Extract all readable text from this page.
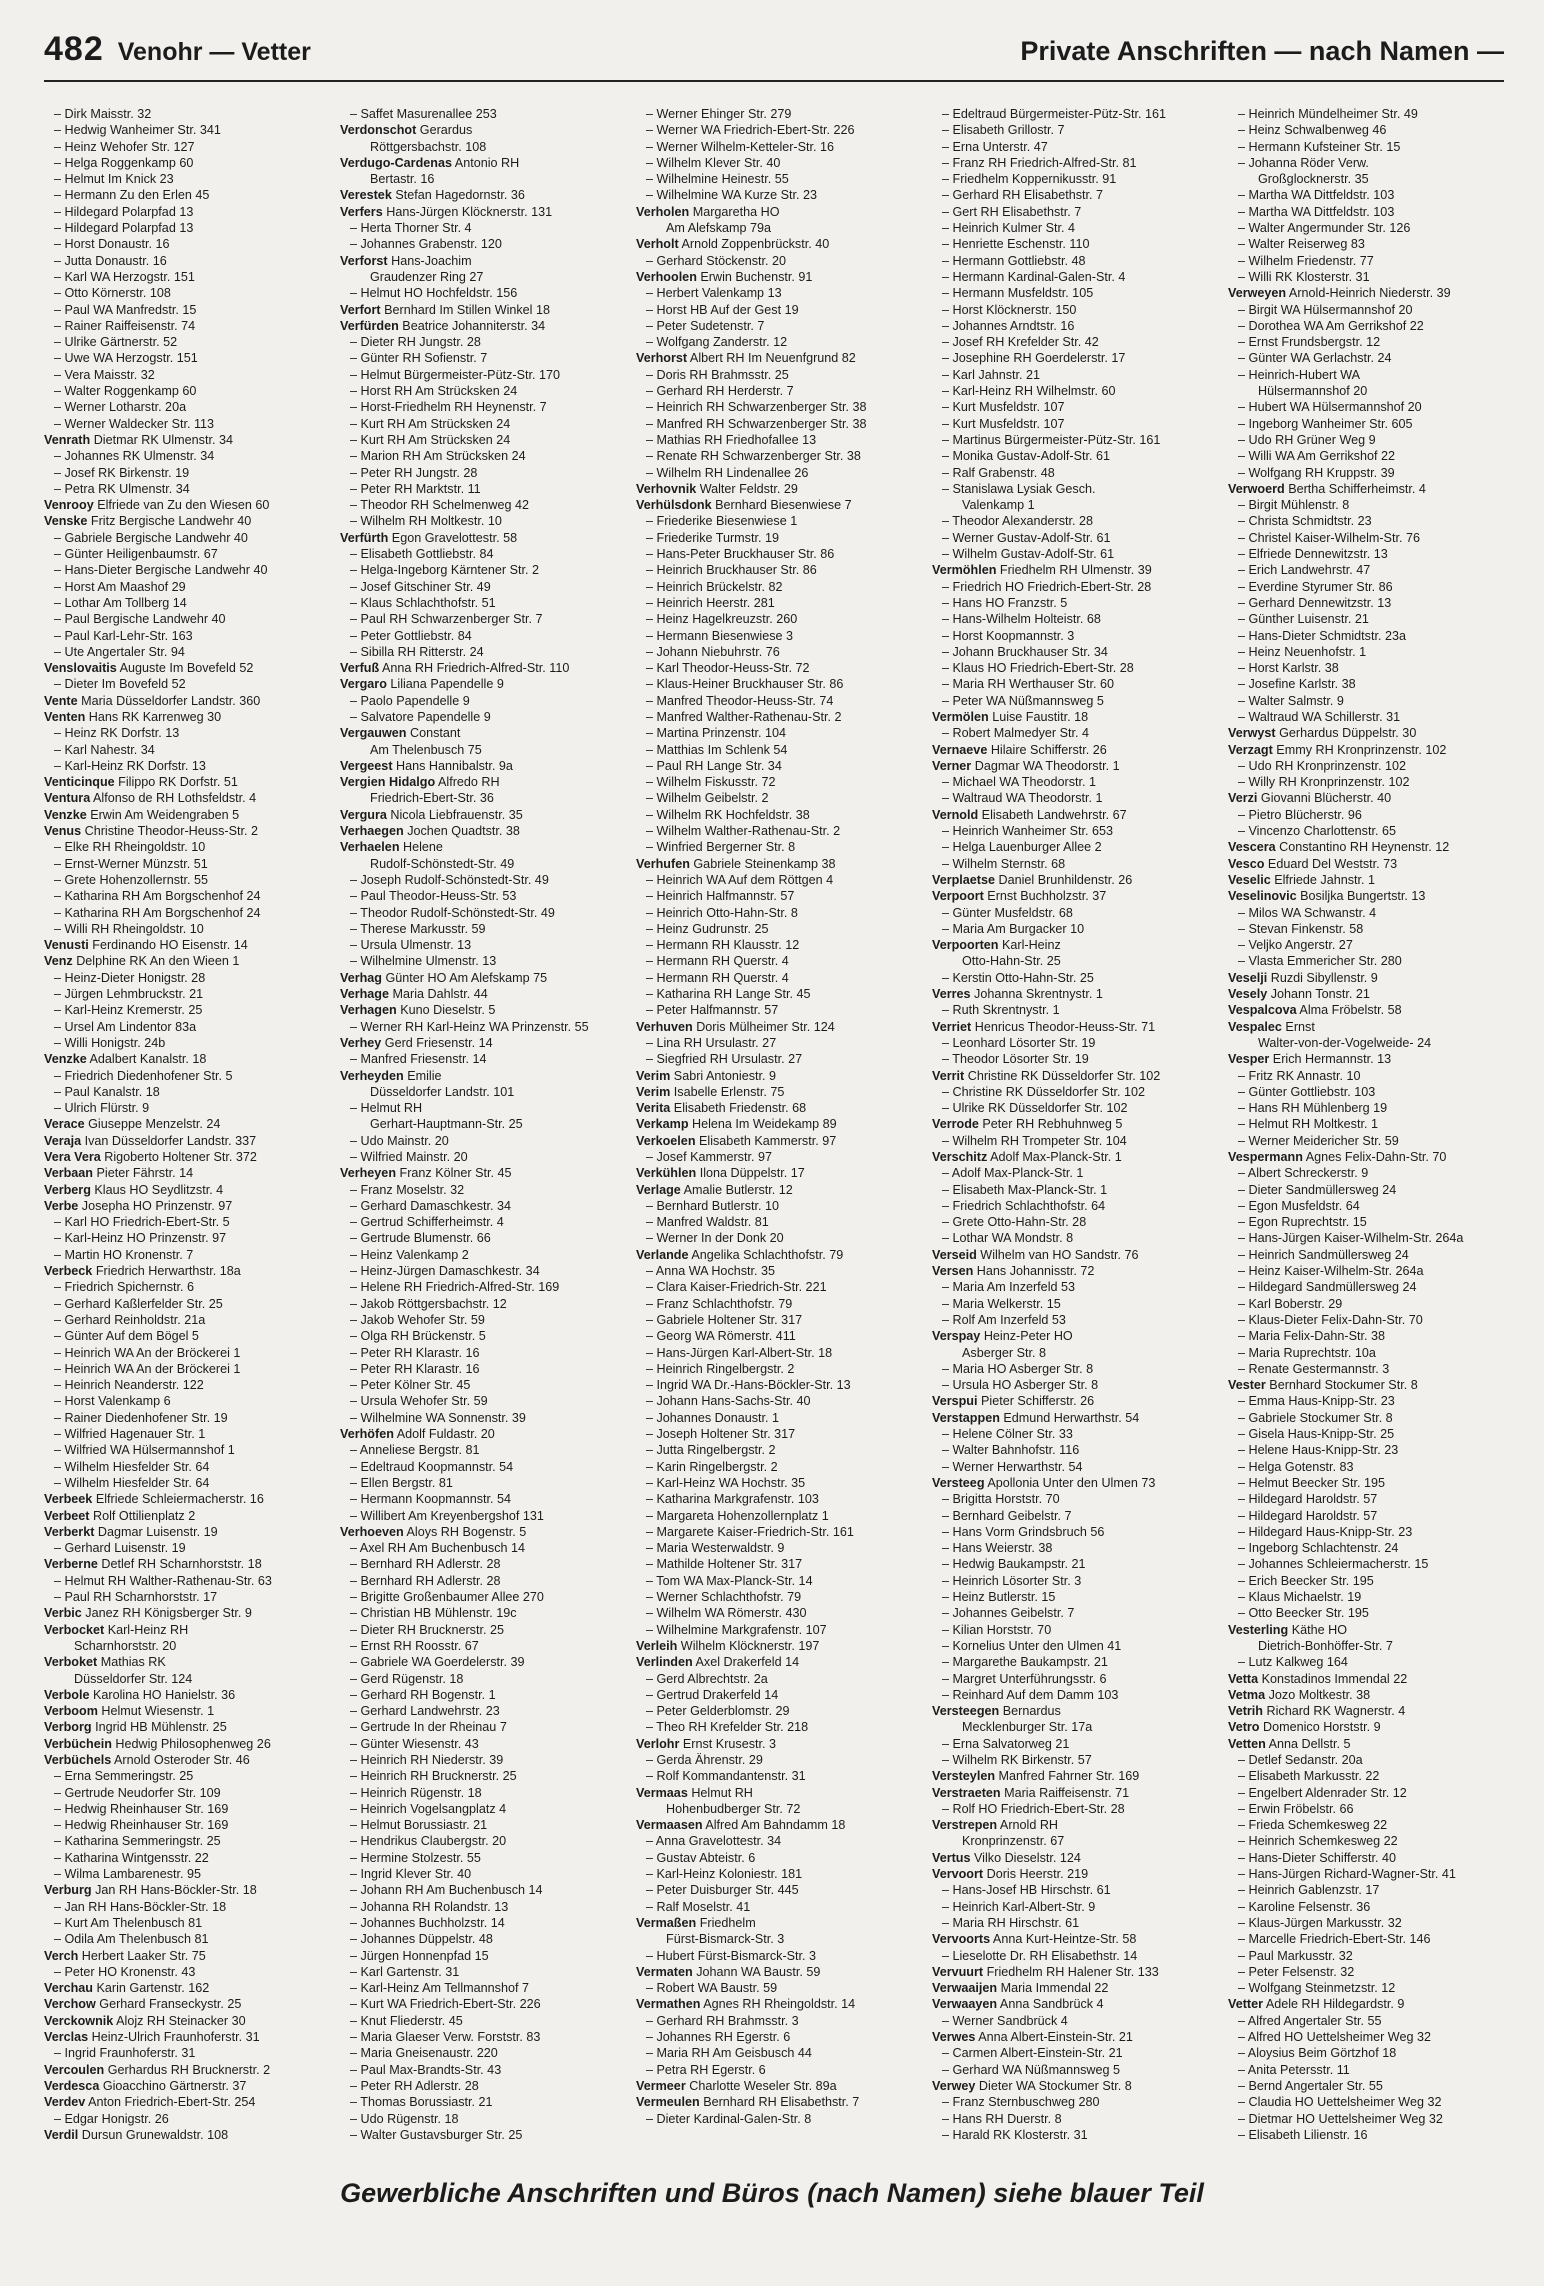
482 Venohr — Vetter	Private Anschriften — nach Namen —
– Dirk Maisstr. 32
– Hedwig Wanheimer Str. 341
– Heinz Wehofer Str. 127
– Helga Roggenkamp 60
– Helmut Im Knick 23
– Hermann Zu den Erlen 45
– Hildegard Polarpfad 13
– Hildegard Polarpfad 13
– Horst Donaustr. 16
– Jutta Donaustr. 16
– Karl WA Herzogstr. 151
– Otto Körnerstr. 108
– Paul WA Manfredstr. 15
– Rainer Raiffeisenstr. 74
– Ulrike Gärtnerstr. 52
– Uwe WA Herzogstr. 151
– Vera Maisstr. 32
– Walter Roggenkamp 60
– Werner Lotharstr. 20a
– Werner Waldecker Str. 113
Venrath Dietmar RK Ulmenstr. 34
– Johannes RK Ulmenstr. 34
– Josef RK Birkenstr. 19
– Petra RK Ulmenstr. 34
Venrooy Elfriede van Zu den Wiesen 60
Venske Fritz Bergische Landwehr 40
– Gabriele Bergische Landwehr 40
– Günter Heiligenbaumstr. 67
– Hans-Dieter Bergische Landwehr 40
– Horst Am Maashof 29
– Lothar Am Tollberg 14
– Paul Bergische Landwehr 40
– Paul Karl-Lehr-Str. 163
– Ute Angertaler Str. 94
Venslovaitis Auguste Im Bovefeld 52
– Dieter Im Bovefeld 52
Vente Maria Düsseldorfer Landstr. 360
Venten Hans RK Karrenweg 30
– Heinz RK Dorfstr. 13
– Karl Nahestr. 34
– Karl-Heinz RK Dorfstr. 13
Venticinque Filippo RK Dorfstr. 51
Ventura Alfonso de RH Lothsfeldstr. 4
Venzke Erwin Am Weidengraben 5
Venus Christine Theodor-Heuss-Str. 2
– Elke RH Rheingoldstr. 10
– Ernst-Werner Münzstr. 51
– Grete Hohenzollernstr. 55
– Katharina RH Am Borgschenhof 24
– Katharina RH Am Borgschenhof 24
– Willi RH Rheingoldstr. 10
Venusti Ferdinando HO Eisenstr. 14
Venz Delphine RK An den Wieen 1
– Heinz-Dieter Honigstr. 28
– Jürgen Lehmbruckstr. 21
– Karl-Heinz Kremerstr. 25
– Ursel Am Lindentor 83a
– Willi Honigstr. 24b
Venzke Adalbert Kanalstr. 18
– Friedrich Diedenhofener Str. 5
– Paul Kanalstr. 18
– Ulrich Flürstr. 9
Verace Giuseppe Menzelstr. 24
Veraja Ivan Düsseldorfer Landstr. 337
Vera Vera Rigoberto Holtener Str. 372
Verbaan Pieter Fährstr. 14
Verberg Klaus HO Seydlitzstr. 4
Verbe Josepha HO Prinzenstr. 97
– Karl HO Friedrich-Ebert-Str. 5
– Karl-Heinz HO Prinzenstr. 97
– Martin HO Kronenstr. 7
Verbeck Friedrich Herwarthstr. 18a
– Friedrich Spichernstr. 6
– Gerhard Kaßlerfelder Str. 25
– Gerhard Reinholdstr. 21a
– Günter Auf dem Bögel 5
– Heinrich WA An der Bröckerei 1
– Heinrich WA An der Bröckerei 1
– Heinrich Neanderstr. 122
– Horst Valenkamp 6
– Rainer Diedenhofener Str. 19
– Wilfried Hagenauer Str. 1
– Wilfried WA Hülsermannshof 1
– Wilhelm Hiesfelder Str. 64
– Wilhelm Hiesfelder Str. 64
Verbeek Elfriede Schleiermacherstr. 16
Verbeet Rolf Ottilienplatz 2
Verberkt Dagmar Luisenstr. 19
– Gerhard Luisenstr. 19
Verberne Detlef RH Scharnhorststr. 18
– Helmut RH Walther-Rathenau-Str. 63
– Paul RH Scharnhorststr. 17
Verbic Janez RH Königsberger Str. 9
Verbocket Karl-Heinz RH
Scharnhorststr. 20
Verboket Mathias RK
Düsseldorfer Str. 124
Verbole Karolina HO Hanielstr. 36
Verboom Helmut Wiesenstr. 1
Verborg Ingrid HB Mühlenstr. 25
Verbüchein Hedwig Philosophenweg 26
Verbüchels Arnold Osteroder Str. 46
– Erna Semmeringstr. 25
– Gertrude Neudorfer Str. 109
– Hedwig Rheinhauser Str. 169
– Hedwig Rheinhauser Str. 169
– Katharina Semmeringstr. 25
– Katharina Wintgensstr. 22
– Wilma Lambarenestr. 95
Verburg Jan RH Hans-Böckler-Str. 18
– Jan RH Hans-Böckler-Str. 18
– Kurt Am Thelenbusch 81
– Odila Am Thelenbusch 81
Verch Herbert Laaker Str. 75
– Peter HO Kronenstr. 43
Verchau Karin Gartenstr. 162
Verchow Gerhard Franseckystr. 25
Verckownik Alojz RH Steinacker 30
Verclas Heinz-Ulrich Fraunhoferstr. 31
– Ingrid Fraunhoferstr. 31
Vercoulen Gerhardus RH Brucknerstr. 2
Verdesca Gioacchino Gärtnerstr. 37
Verdev Anton Friedrich-Ebert-Str. 254
– Edgar Honigstr. 26
Verdil Dursun Grunewaldstr. 108
– Saffet Masurenallee 253
Verdonschot Gerardus
Röttgersbachstr. 108
Verdugo-Cardenas Antonio RH
Bertastr. 16
Verestek Stefan Hagedornstr. 36
Verfers Hans-Jürgen Klöcknerstr. 131
– Herta Thorner Str. 4
– Johannes Grabenstr. 120
Verforst Hans-Joachim
Graudenzer Ring 27
– Helmut HO Hochfeldstr. 156
Verfort Bernhard Im Stillen Winkel 18
Verfürden Beatrice Johanniterstr. 34
– Dieter RH Jungstr. 28
– Günter RH Sofienstr. 7
– Helmut Bürgermeister-Pütz-Str. 170
– Horst RH Am Strücksken 24
– Horst-Friedhelm RH Heynenstr. 7
– Kurt RH Am Strücksken 24
– Kurt RH Am Strücksken 24
– Marion RH Am Strücksken 24
– Peter RH Jungstr. 28
– Peter RH Marktstr. 11
– Theodor RH Schelmenweg 42
– Wilhelm RH Moltkestr. 10
Verfürth Egon Gravelottestr. 58
– Elisabeth Gottliebstr. 84
– Helga-Ingeborg Kärntener Str. 2
– Josef Gitschiner Str. 49
– Klaus Schlachthofstr. 51
– Paul RH Schwarzenberger Str. 7
– Peter Gottliebstr. 84
– Sibilla RH Ritterstr. 24
Verfuß Anna RH Friedrich-Alfred-Str. 110
Vergaro Liliana Papendelle 9
– Paolo Papendelle 9
– Salvatore Papendelle 9
Vergauwen Constant
Am Thelenbusch 75
Vergeest Hans Hannibalstr. 9a
Vergien Hidalgo Alfredo RH
Friedrich-Ebert-Str. 36
Vergura Nicola Liebfrauenstr. 35
Verhaegen Jochen Quadtstr. 38
Verhaelen Helene
Rudolf-Schönstedt-Str. 49
– Joseph Rudolf-Schönstedt-Str. 49
– Paul Theodor-Heuss-Str. 53
– Theodor Rudolf-Schönstedt-Str. 49
– Therese Markusstr. 59
– Ursula Ulmenstr. 13
– Wilhelmine Ulmenstr. 13
Verhag Günter HO Am Alefskamp 75
Verhage Maria Dahlstr. 44
Verhagen Kuno Dieselstr. 5
– Werner RH Karl-Heinz WA Prinzenstr. 55
Verhey Gerd Friesenstr. 14
– Manfred Friesenstr. 14
Verheyden Emilie
Düsseldorfer Landstr. 101
– Helmut RH
Gerhart-Hauptmann-Str. 25
– Udo Mainstr. 20
– Wilfried Mainstr. 20
Verheyen Franz Kölner Str. 45
– Franz Moselstr. 32
– Gerhard Damaschkestr. 34
– Gertrud Schifferheimstr. 4
– Gertrude Blumenstr. 66
– Heinz Valenkamp 2
– Heinz-Jürgen Damaschkestr. 34
– Helene RH Friedrich-Alfred-Str. 169
– Jakob Röttgersbachstr. 12
– Jakob Wehofer Str. 59
– Olga RH Brückenstr. 5
– Peter RH Klarastr. 16
– Peter RH Klarastr. 16
– Peter Kölner Str. 45
– Ursula Wehofer Str. 59
– Wilhelmine WA Sonnenstr. 39
Verhöfen Adolf Fuldastr. 20
– Anneliese Bergstr. 81
– Edeltraud Koopmannstr. 54
– Ellen Bergstr. 81
– Hermann Koopmannstr. 54
– Willibert Am Kreyenbergshof 131
Verhoeven Aloys RH Bogenstr. 5
– Axel RH Am Buchenbusch 14
– Bernhard RH Adlerstr. 28
– Bernhard RH Adlerstr. 28
– Brigitte Großenbaumer Allee 270
– Christian HB Mühlenstr. 19c
– Dieter RH Brucknerstr. 25
– Ernst RH Roosstr. 67
– Gabriele WA Goerdelerstr. 39
– Gerd Rügenstr. 18
– Gerhard RH Bogenstr. 1
– Gerhard Landwehrstr. 23
– Gertrude In der Rheinau 7
– Günter Wiesenstr. 43
– Heinrich RH Niederstr. 39
– Heinrich RH Brucknerstr. 25
– Heinrich Rügenstr. 18
– Heinrich Vogelsangplatz 4
– Helmut Borussiastr. 21
– Hendrikus Claubergstr. 20
– Hermine Stolzestr. 55
– Ingrid Klever Str. 40
– Johann RH Am Buchenbusch 14
– Johanna RH Rolandstr. 13
– Johannes Buchholzstr. 14
– Johannes Düppelstr. 48
– Jürgen Honnenpfad 15
– Karl Gartenstr. 31
– Karl-Heinz Am Tellmannshof 7
– Kurt WA Friedrich-Ebert-Str. 226
– Knut Fliederstr. 45
– Maria Glaeser Verw. Forststr. 83
– Maria Gneisenaustr. 220
– Paul Max-Brandts-Str. 43
– Peter RH Adlerstr. 28
– Thomas Borussiastr. 21
– Udo Rügenstr. 18
– Walter Gustavsburger Str. 25
– Werner Ehinger Str. 279
– Werner WA Friedrich-Ebert-Str. 226
– Werner Wilhelm-Ketteler-Str. 16
– Wilhelm Klever Str. 40
– Wilhelmine Heinestr. 55
– Wilhelmine WA Kurze Str. 23
Verholen Margaretha HO
Am Alefskamp 79a
Verholt Arnold Zoppenbrückstr. 40
– Gerhard Stöckenstr. 20
Verhoolen Erwin Buchenstr. 91
– Herbert Valenkamp 13
– Horst HB Auf der Gest 19
– Peter Sudetenstr. 7
– Wolfgang Zanderstr. 12
Verhorst Albert RH Im Neuenfgrund 82
– Doris RH Brahmsstr. 25
– Gerhard RH Herderstr. 7
– Heinrich RH Schwarzenberger Str. 38
– Manfred RH Schwarzenberger Str. 38
– Mathias RH Friedhofallee 13
– Renate RH Schwarzenberger Str. 38
– Wilhelm RH Lindenallee 26
Verhovnik Walter Feldstr. 29
Verhülsdonk Bernhard Biesenwiese 7
– Friederike Biesenwiese 1
– Friederike Turmstr. 19
– Hans-Peter Bruckhauser Str. 86
– Heinrich Bruckhauser Str. 86
– Heinrich Brückelstr. 82
– Heinrich Heerstr. 281
– Heinz Hagelkreuzstr. 260
– Hermann Biesenwiese 3
– Johann Niebuhrstr. 76
– Karl Theodor-Heuss-Str. 72
– Klaus-Heiner Bruckhauser Str. 86
– Manfred Theodor-Heuss-Str. 74
– Manfred Walther-Rathenau-Str. 2
– Martina Prinzenstr. 104
– Matthias Im Schlenk 54
– Paul RH Lange Str. 34
– Wilhelm Fiskusstr. 72
– Wilhelm Geibelstr. 2
– Wilhelm RK Hochfeldstr. 38
– Wilhelm Walther-Rathenau-Str. 2
– Winfried Bergerner Str. 8
Verhufen Gabriele Steinenkamp 38
– Heinrich WA Auf dem Röttgen 4
– Heinrich Halfmannstr. 57
– Heinrich Otto-Hahn-Str. 8
– Heinz Gudrunstr. 25
– Hermann RH Klausstr. 12
– Hermann RH Querstr. 4
– Hermann RH Querstr. 4
– Katharina RH Lange Str. 45
– Peter Halfmannstr. 57
Verhuven Doris Mülheimer Str. 124
– Lina RH Ursulastr. 27
– Siegfried RH Ursulastr. 27
Verim Sabri Antoniestr. 9
Verim Isabelle Erlenstr. 75
Verita Elisabeth Friedenstr. 68
Verkamp Helena Im Weidekamp 89
Verkoelen Elisabeth Kammerstr. 97
– Josef Kammerstr. 97
Verkühlen Ilona Düppelstr. 17
Verlage Amalie Butlerstr. 12
– Bernhard Butlerstr. 10
– Manfred Waldstr. 81
– Werner In der Donk 20
Verlande Angelika Schlachthofstr. 79
– Anna WA Hochstr. 35
– Clara Kaiser-Friedrich-Str. 221
– Franz Schlachthofstr. 79
– Gabriele Holtener Str. 317
– Georg WA Römerstr. 411
– Hans-Jürgen Karl-Albert-Str. 18
– Heinrich Ringelbergstr. 2
– Ingrid WA Dr.-Hans-Böckler-Str. 13
– Johann Hans-Sachs-Str. 40
– Johannes Donaustr. 1
– Joseph Holtener Str. 317
– Jutta Ringelbergstr. 2
– Karin Ringelbergstr. 2
– Karl-Heinz WA Hochstr. 35
– Katharina Markgrafenstr. 103
– Margareta Hohenzollernplatz 1
– Margarete Kaiser-Friedrich-Str. 161
– Maria Westerwaldstr. 9
– Mathilde Holtener Str. 317
– Tom WA Max-Planck-Str. 14
– Werner Schlachthofstr. 79
– Wilhelm WA Römerstr. 430
– Wilhelmine Markgrafenstr. 107
Verleih Wilhelm Klöcknerstr. 197
Verlinden Axel Drakerfeld 14
– Gerd Albrechtstr. 2a
– Gertrud Drakerfeld 14
– Peter Gelderblomstr. 29
– Theo RH Krefelder Str. 218
Verlohr Ernst Krusestr. 3
– Gerda Ährenstr. 29
– Rolf Kommandantenstr. 31
Vermaas Helmut RH
Hohenbudberger Str. 72
Vermaasen Alfred Am Bahndamm 18
– Anna Gravelottestr. 34
– Gustav Abteistr. 6
– Karl-Heinz Koloniestr. 181
– Peter Duisburger Str. 445
– Ralf Moselstr. 41
Vermaßen Friedhelm
Fürst-Bismarck-Str. 3
– Hubert Fürst-Bismarck-Str. 3
Vermaten Johann WA Baustr. 59
– Robert WA Baustr. 59
Vermathen Agnes RH Rheingoldstr. 14
– Gerhard RH Brahmsstr. 3
– Johannes RH Egerstr. 6
– Maria RH Am Geisbusch 44
– Petra RH Egerstr. 6
Vermeer Charlotte Weseler Str. 89a
Vermeulen Bernhard RH Elisabethstr. 7
– Dieter Kardinal-Galen-Str. 8
– Edeltraud Bürgermeister-Pütz-Str. 161
– Elisabeth Grillostr. 7
– Erna Unterstr. 47
– Franz RH Friedrich-Alfred-Str. 81
– Friedhelm Koppernikusstr. 91
– Gerhard RH Elisabethstr. 7
– Gert RH Elisabethstr. 7
– Heinrich Kulmer Str. 4
– Henriette Eschenstr. 110
– Hermann Gottliebstr. 48
– Hermann Kardinal-Galen-Str. 4
– Hermann Musfeldstr. 105
– Horst Klöcknerstr. 150
– Johannes Arndtstr. 16
– Josef RH Krefelder Str. 42
– Josephine RH Goerdelerstr. 17
– Karl Jahnstr. 21
– Karl-Heinz RH Wilhelmstr. 60
– Kurt Musfeldstr. 107
– Kurt Musfeldstr. 107
– Martinus Bürgermeister-Pütz-Str. 161
– Monika Gustav-Adolf-Str. 61
– Ralf Grabenstr. 48
– Stanislawa Lysiak Gesch.
Valenkamp 1
– Theodor Alexanderstr. 28
– Werner Gustav-Adolf-Str. 61
– Wilhelm Gustav-Adolf-Str. 61
Vermöhlen Friedhelm RH Ulmenstr. 39
– Friedrich HO Friedrich-Ebert-Str. 28
– Hans HO Franzstr. 5
– Hans-Wilhelm Holteistr. 68
– Horst Koopmannstr. 3
– Johann Bruckhauser Str. 34
– Klaus HO Friedrich-Ebert-Str. 28
– Maria RH Werthauser Str. 60
– Peter WA Nüßmannsweg 5
Vermölen Luise Faustitr. 18
– Robert Malmedyer Str. 4
Vernaeve Hilaire Schifferstr. 26
Verner Dagmar WA Theodorstr. 1
– Michael WA Theodorstr. 1
– Waltraud WA Theodorstr. 1
Vernold Elisabeth Landwehrstr. 67
– Heinrich Wanheimer Str. 653
– Helga Lauenburger Allee 2
– Wilhelm Sternstr. 68
Verplaetse Daniel Brunhildenstr. 26
Verpoort Ernst Buchholzstr. 37
– Günter Musfeldstr. 68
– Maria Am Burgacker 10
Verpoorten Karl-Heinz
Otto-Hahn-Str. 25
– Kerstin Otto-Hahn-Str. 25
Verres Johanna Skrentnystr. 1
– Ruth Skrentnystr. 1
Verriet Henricus Theodor-Heuss-Str. 71
– Leonhard Lösorter Str. 19
– Theodor Lösorter Str. 19
Verrit Christine RK Düsseldorfer Str. 102
– Christine RK Düsseldorfer Str. 102
– Ulrike RK Düsseldorfer Str. 102
Verrode Peter RH Rebhuhnweg 5
– Wilhelm RH Trompeter Str. 104
Verschitz Adolf Max-Planck-Str. 1
– Adolf Max-Planck-Str. 1
– Elisabeth Max-Planck-Str. 1
– Friedrich Schlachthofstr. 64
– Grete Otto-Hahn-Str. 28
– Lothar WA Mondstr. 8
Verseid Wilhelm van HO Sandstr. 76
Versen Hans Johannisstr. 72
– Maria Am Inzerfeld 53
– Maria Welkerstr. 15
– Rolf Am Inzerfeld 53
Verspay Heinz-Peter HO
Asberger Str. 8
– Maria HO Asberger Str. 8
– Ursula HO Asberger Str. 8
Verspui Pieter Schifferstr. 26
Verstappen Edmund Herwarthstr. 54
– Helene Cölner Str. 33
– Walter Bahnhofstr. 116
– Werner Herwarthstr. 54
Versteeg Apollonia Unter den Ulmen 73
– Brigitta Horststr. 70
– Bernhard Geibelstr. 7
– Hans Vorm Grindsbruch 56
– Hans Weierstr. 38
– Hedwig Baukampstr. 21
– Heinrich Lösorter Str. 3
– Heinz Butlerstr. 15
– Johannes Geibelstr. 7
– Kilian Horststr. 70
– Kornelius Unter den Ulmen 41
– Margarethe Baukampstr. 21
– Margret Unterführungsstr. 6
– Reinhard Auf dem Damm 103
Versteegen Bernardus
Mecklenburger Str. 17a
– Erna Salvatorweg 21
– Wilhelm RK Birkenstr. 57
Versteylen Manfred Fahrner Str. 169
Verstraeten Maria Raiffeisenstr. 71
– Rolf HO Friedrich-Ebert-Str. 28
Verstrepen Arnold RH
Kronprinzenstr. 67
Vertus Vilko Dieselstr. 124
Vervoort Doris Heerstr. 219
– Hans-Josef HB Hirschstr. 61
– Heinrich Karl-Albert-Str. 9
– Maria RH Hirschstr. 61
Vervoorts Anna Kurt-Heintze-Str. 58
– Lieselotte Dr. RH Elisabethstr. 14
Vervuurt Friedhelm RH Halener Str. 133
Verwaaijen Maria Immendal 22
Verwaayen Anna Sandbrück 4
– Werner Sandbrück 4
Verwes Anna Albert-Einstein-Str. 21
– Carmen Albert-Einstein-Str. 21
– Gerhard WA Nüßmannsweg 5
Verwey Dieter WA Stockumer Str. 8
– Franz Sternbuschweg 280
– Hans RH Duerstr. 8
– Harald RK Klosterstr. 31
– Heinrich Mündelheimer Str. 49
– Heinz Schwalbenweg 46
– Hermann Kufsteiner Str. 15
– Johanna Röder Verw.
Großglocknerstr. 35
– Martha WA Dittfeldstr. 103
– Martha WA Dittfeldstr. 103
– Walter Angermunder Str. 126
– Walter Reiserweg 83
– Wilhelm Friedenstr. 77
– Willi RK Klosterstr. 31
Verweyen Arnold-Heinrich Niederstr. 39
– Birgit WA Hülsermannshof 20
– Dorothea WA Am Gerrikshof 22
– Ernst Frundsbergstr. 12
– Günter WA Gerlachstr. 24
– Heinrich-Hubert WA
Hülsermannshof 20
– Hubert WA Hülsermannshof 20
– Ingeborg Wanheimer Str. 605
– Udo RH Grüner Weg 9
– Willi WA Am Gerrikshof 22
– Wolfgang RH Kruppstr. 39
Verwoerd Bertha Schifferheimstr. 4
– Birgit Mühlenstr. 8
– Christa Schmidtstr. 23
– Christel Kaiser-Wilhelm-Str. 76
– Elfriede Dennewitzstr. 13
– Erich Landwehrstr. 47
– Everdine Styrumer Str. 86
– Gerhard Dennewitzstr. 13
– Günther Luisenstr. 21
– Hans-Dieter Schmidtstr. 23a
– Heinz Neuenhofstr. 1
– Horst Karlstr. 38
– Josefine Karlstr. 38
– Walter Salmstr. 9
– Waltraud WA Schillerstr. 31
Verwyst Gerhardus Düppelstr. 30
Verzagt Emmy RH Kronprinzenstr. 102
– Udo RH Kronprinzenstr. 102
– Willy RH Kronprinzenstr. 102
Verzi Giovanni Blücherstr. 40
– Pietro Blücherstr. 96
– Vincenzo Charlottenstr. 65
Vescera Constantino RH Heynenstr. 12
Vesco Eduard Del Weststr. 73
Veselic Elfriede Jahnstr. 1
Veselinovic Bosiljka Bungertstr. 13
– Milos WA Schwanstr. 4
– Stevan Finkenstr. 58
– Veljko Angerstr. 27
– Vlasta Emmericher Str. 280
Veselji Ruzdi Sibyllenstr. 9
Vesely Johann Tonstr. 21
Vespalcova Alma Fröbelstr. 58
Vespalec Ernst
Walter-von-der-Vogelweide- 24
Vesper Erich Hermannstr. 13
– Fritz RK Annastr. 10
– Günter Gottliebstr. 103
– Hans RH Mühlenberg 19
– Helmut RH Moltkestr. 1
– Werner Meidericher Str. 59
Vespermann Agnes Felix-Dahn-Str. 70
– Albert Schreckerstr. 9
– Dieter Sandmüllersweg 24
– Egon Musfeldstr. 64
– Egon Ruprechtstr. 15
– Hans-Jürgen Kaiser-Wilhelm-Str. 264a
– Heinrich Sandmüllersweg 24
– Heinz Kaiser-Wilhelm-Str. 264a
– Hildegard Sandmüllersweg 24
– Karl Boberstr. 29
– Klaus-Dieter Felix-Dahn-Str. 70
– Maria Felix-Dahn-Str. 38
– Maria Ruprechtstr. 10a
– Renate Gestermannstr. 3
Vester Bernhard Stockumer Str. 8
– Emma Haus-Knipp-Str. 23
– Gabriele Stockumer Str. 8
– Gisela Haus-Knipp-Str. 25
– Helene Haus-Knipp-Str. 23
– Helga Gotenstr. 83
– Helmut Beecker Str. 195
– Hildegard Haroldstr. 57
– Hildegard Haroldstr. 57
– Hildegard Haus-Knipp-Str. 23
– Ingeborg Schlachtenstr. 24
– Johannes Schleiermacherstr. 15
– Erich Beecker Str. 195
– Klaus Michaelstr. 19
– Otto Beecker Str. 195
Vesterling Käthe HO
Dietrich-Bonhöffer-Str. 7
– Lutz Kalkweg 164
Vetta Konstadinos Immendal 22
Vetma Jozo Moltkestr. 38
Vetrih Richard RK Wagnerstr. 4
Vetro Domenico Horststr. 9
Vetten Anna Dellstr. 5
– Detlef Sedanstr. 20a
– Elisabeth Markusstr. 22
– Engelbert Aldenrader Str. 12
– Erwin Fröbelstr. 66
– Frieda Schemkesweg 22
– Heinrich Schemkesweg 22
– Hans-Dieter Schifferstr. 40
– Hans-Jürgen Richard-Wagner-Str. 41
– Heinrich Gablenzstr. 17
– Karoline Felsenstr. 36
– Klaus-Jürgen Markusstr. 32
– Marcelle Friedrich-Ebert-Str. 146
– Paul Markusstr. 32
– Peter Felsenstr. 32
– Wolfgang Steinmetzstr. 12
Vetter Adele RH Hildegardstr. 9
– Alfred Angertaler Str. 55
– Alfred HO Uettelsheimer Weg 32
– Aloysius Beim Görtzhof 18
– Anita Petersstr. 11
– Bernd Angertaler Str. 55
– Claudia HO Uettelsheimer Weg 32
– Dietmar HO Uettelsheimer Weg 32
– Elisabeth Lilienstr. 16
Gewerbliche Anschriften und Büros (nach Namen) siehe blauer Teil
